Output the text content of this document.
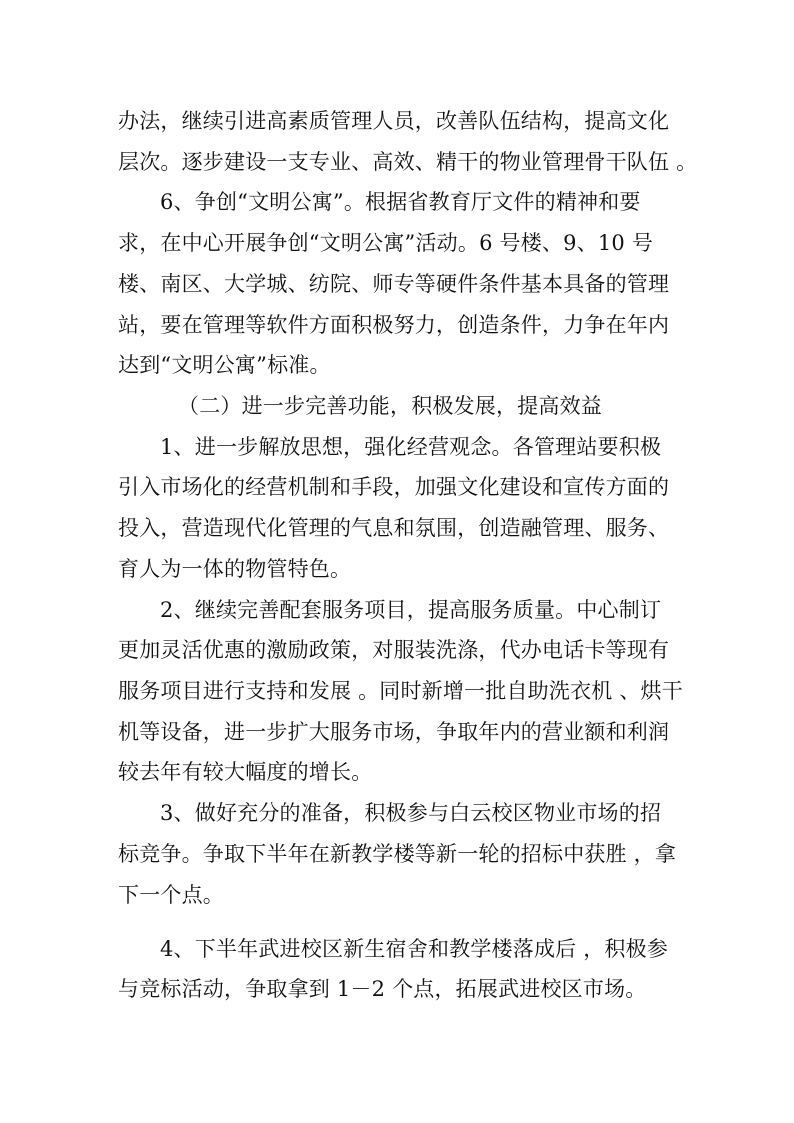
办法，继续引进高素质管理人员，改善队伍结构，提高文化
层次。逐步建设一支专业、高效、精干的物业管理骨干队伍 。
6、争创“文明公寓”。根据省教育厅文件的精神和要
求，在中心开展争创“文明公寓”活动。6 号楼、9、10 号
楼、南区、大学城、纺院、师专等硬件条件基本具备的管理
站，要在管理等软件方面积极努力，创造条件，力争在年内
达到“文明公寓”标准。
（二）进一步完善功能，积极发展，提高效益
1、进一步解放思想，强化经营观念。各管理站要积极
引入市场化的经营机制和手段，加强文化建设和宣传方面的
投入，营造现代化管理的气息和氛围，创造融管理、服务、
育人为一体的物管特色。
2、继续完善配套服务项目，提高服务质量。中心制订
更加灵活优惠的激励政策，对服装洗涤，代办电话卡等现有
服务项目进行支持和发展 。同时新增一批自助洗衣机 、烘干
机等设备，进一步扩大服务市场，争取年内的营业额和利润
较去年有较大幅度的增长。
3、做好充分的准备，积极参与白云校区物业市场的招
标竞争。争取下半年在新教学楼等新一轮的招标中获胜 ，拿
下一个点。
4、下半年武进校区新生宿舍和教学楼落成后 ，积极参
与竞标活动，争取拿到 1－2 个点，拓展武进校区市场。
